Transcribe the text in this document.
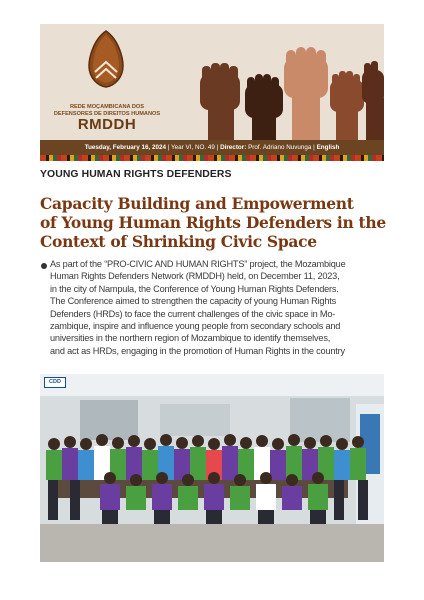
REDE MOÇAMBICANA DOS
DEFENSORES DE DIREITOS HUMANOS
RMDDH
Tuesday, February 16, 2024 | Year VI, NO. 49 | Director: Prof. Adriano Nuvunga | English
YOUNG HUMAN RIGHTS DEFENDERS
Capacity Building and Empowerment
of Young Human Rights Defenders in the
Context of Shrinking Civic Space
As part of the “PRO-CIVIC AND HUMAN RIGHTS” project, the Mozambique
Human Rights Defenders Network (RMDDH) held, on December 11, 2023,
in the city of Nampula, the Conference of Young Human Rights Defenders.
The Conference aimed to strengthen the capacity of young Human Rights
Defenders (HRDs) to face the current challenges of the civic space in Mo-
zambique, inspire and influence young people from secondary schools and
universities in the northern region of Mozambique to identify themselves,
and act as HRDs, engaging in the promotion of Human Rights in the country
CDD
